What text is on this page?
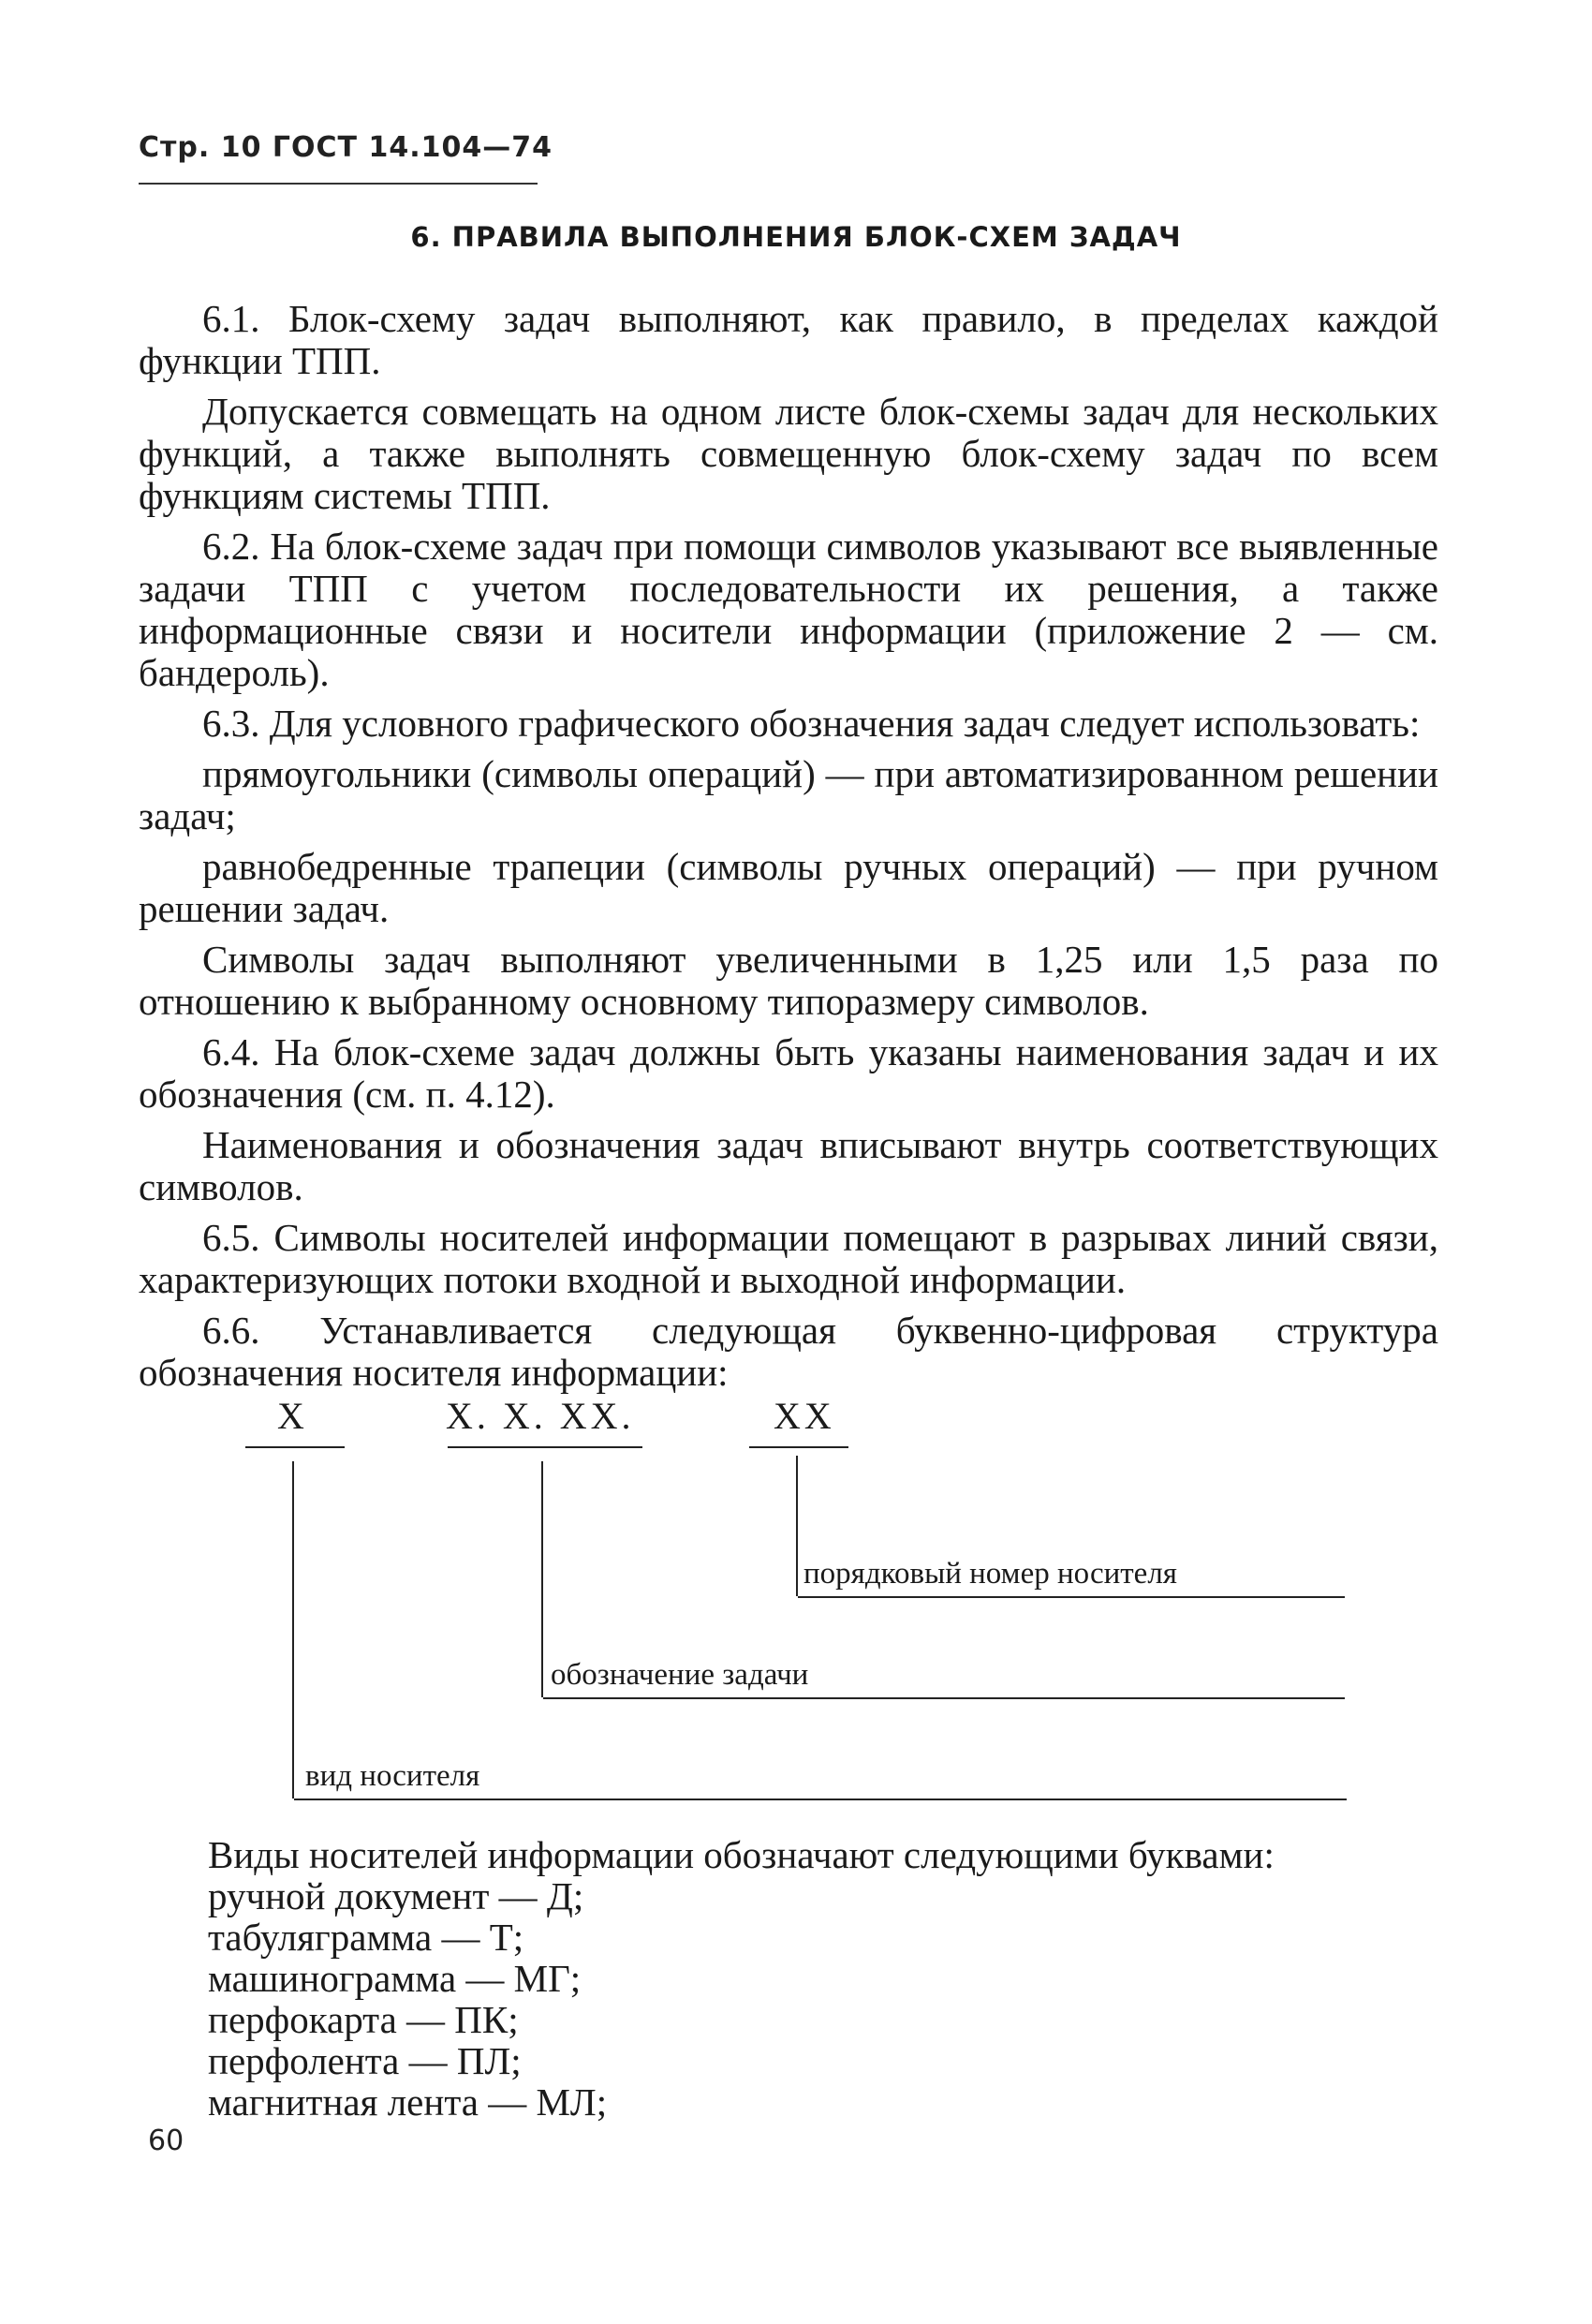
Стр. 10 ГОСТ 14.104—74
6. ПРАВИЛА ВЫПОЛНЕНИЯ БЛОК-СХЕМ ЗАДАЧ

6.1. Блок-схему задач выполняют, как правило, в пределах каждой функции ТПП.

Допускается совмещать на одном листе блок-схемы задач для нескольких функций, а также выполнять совмещенную блок-схему задач по всем функциям системы ТПП.

6.2. На блок-схеме задач при помощи символов указывают все выявленные задачи ТПП с учетом последовательности их решения, а также информационные связи и носители информации (приложение 2 — см. бандероль).

6.3. Для условного графического обозначения задач следует использовать:

прямоугольники (символы операций) — при автоматизированном решении задач;

равнобедренные трапеции (символы ручных операций) — при ручном решении задач.

Символы задач выполняют увеличенными в 1,25 или 1,5 раза по отношению к выбранному основному типоразмеру символов.

6.4. На блок-схеме задач должны быть указаны наименования задач и их обозначения (см. п. 4.12).

Наименования и обозначения задач вписывают внутрь соответствующих символов.

6.5. Символы носителей информации помещают в разрывах линий связи, характеризующих потоки входной и выходной информации.

6.6. Устанавливается следующая буквенно-цифровая структура обозначения носителя информации:

X	X. X. XX.	XX
порядковый номер носителя
обозначение задачи
вид носителя
Виды носителей информации обозначают следующими буквами:
ручной документ — Д;
табуляграмма — Т;
машинограмма — МГ;
перфокарта — ПК;
перфолента — ПЛ;
магнитная лента — МЛ;
60
